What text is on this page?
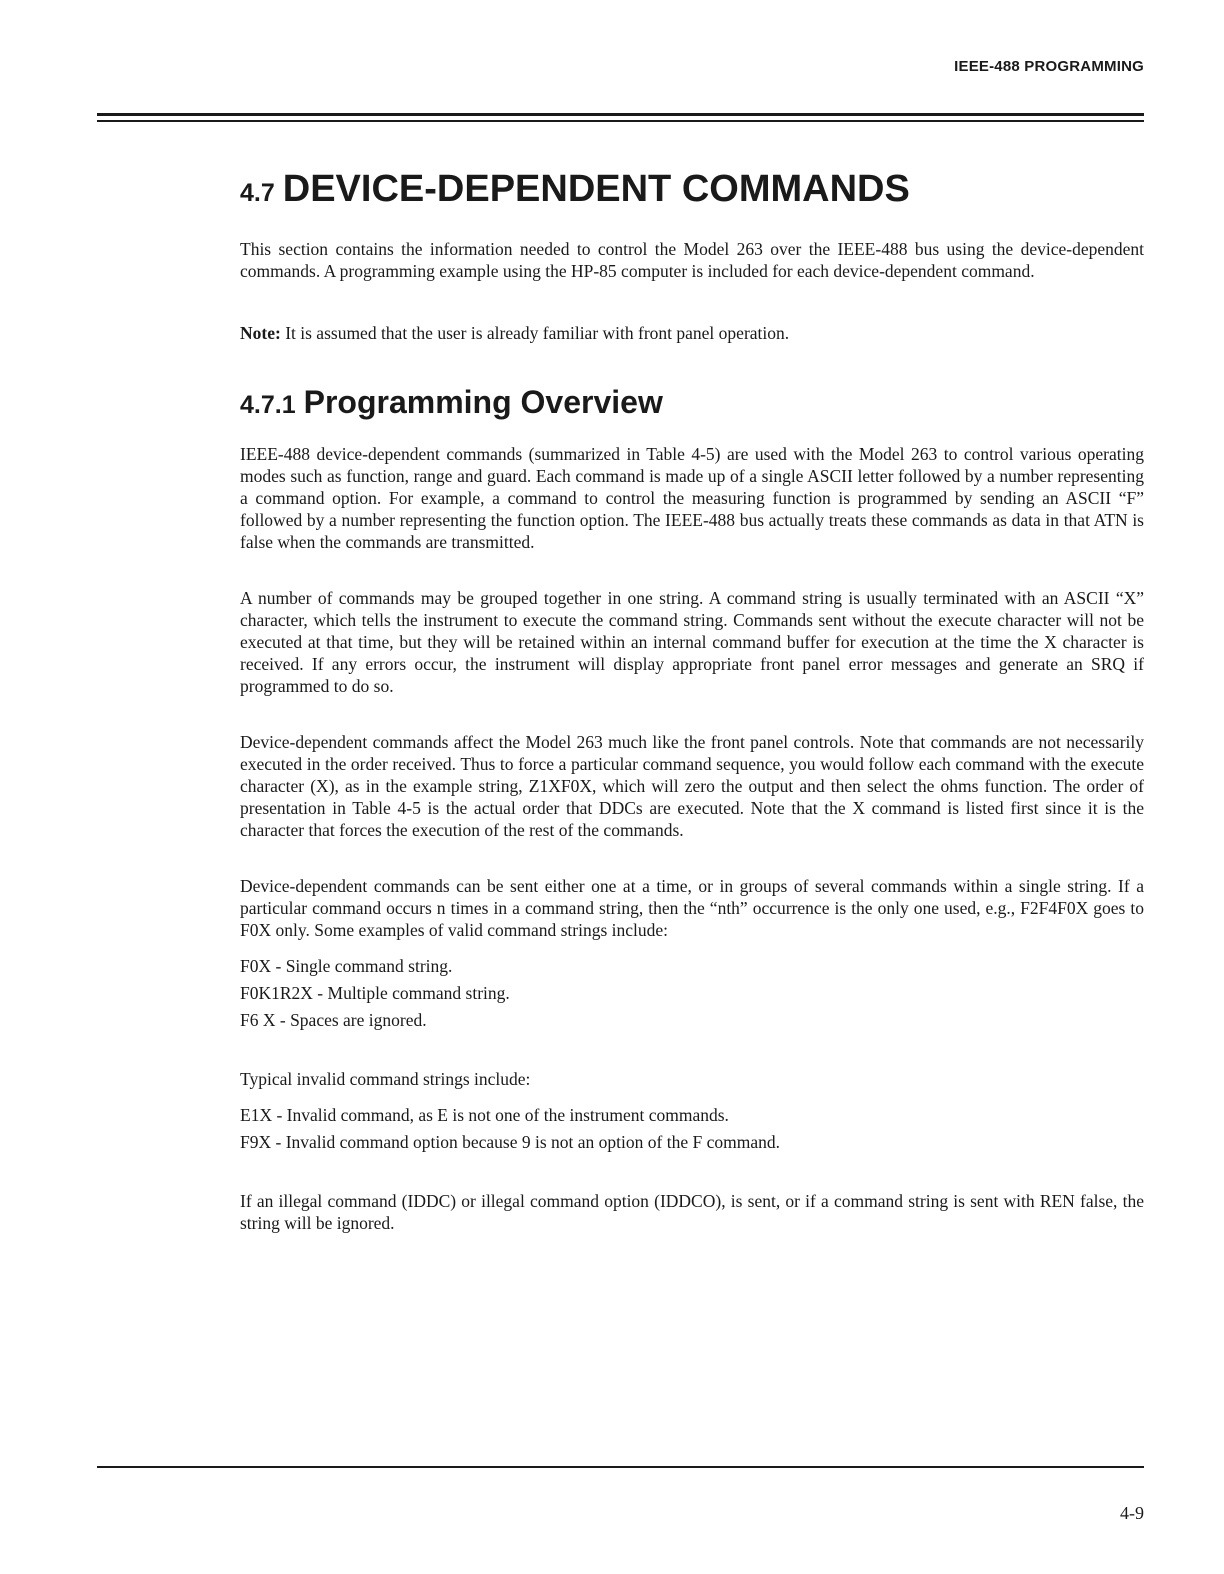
IEEE-488 PROGRAMMING
4.7 DEVICE-DEPENDENT COMMANDS

This section contains the information needed to control the Model 263 over the IEEE-488 bus using the device-dependent commands. A programming example using the HP-85 computer is included for each device-dependent command.

Note: It is assumed that the user is already familiar with front panel operation.

4.7.1 Programming Overview

IEEE-488 device-dependent commands (summarized in Table 4-5) are used with the Model 263 to control various operating modes such as function, range and guard. Each command is made up of a single ASCII letter followed by a number representing a command option. For example, a command to control the measuring function is programmed by sending an ASCII “F” followed by a number representing the function option. The IEEE-488 bus actually treats these commands as data in that ATN is false when the commands are transmitted.

A number of commands may be grouped together in one string. A command string is usually terminated with an ASCII “X” character, which tells the instrument to execute the command string. Commands sent without the execute character will not be executed at that time, but they will be retained within an internal command buffer for execution at the time the X character is received. If any errors occur, the instrument will display appropriate front panel error messages and generate an SRQ if programmed to do so.

Device-dependent commands affect the Model 263 much like the front panel controls. Note that commands are not necessarily executed in the order received. Thus to force a particular command sequence, you would follow each command with the execute character (X), as in the example string, Z1XF0X, which will zero the output and then select the ohms function. The order of presentation in Table 4-5 is the actual order that DDCs are executed. Note that the X command is listed first since it is the character that forces the execution of the rest of the commands.

Device-dependent commands can be sent either one at a time, or in groups of several commands within a single string. If a particular command occurs n times in a command string, then the “nth” occurrence is the only one used, e.g., F2F4F0X goes to F0X only. Some examples of valid command strings include:

F0X - Single command string.
F0K1R2X - Multiple command string.
F6 X - Spaces are ignored.

Typical invalid command strings include:

E1X - Invalid command, as E is not one of the instrument commands.
F9X - Invalid command option because 9 is not an option of the F command.

If an illegal command (IDDC) or illegal command option (IDDCO), is sent, or if a command string is sent with REN false, the string will be ignored.

4-9
